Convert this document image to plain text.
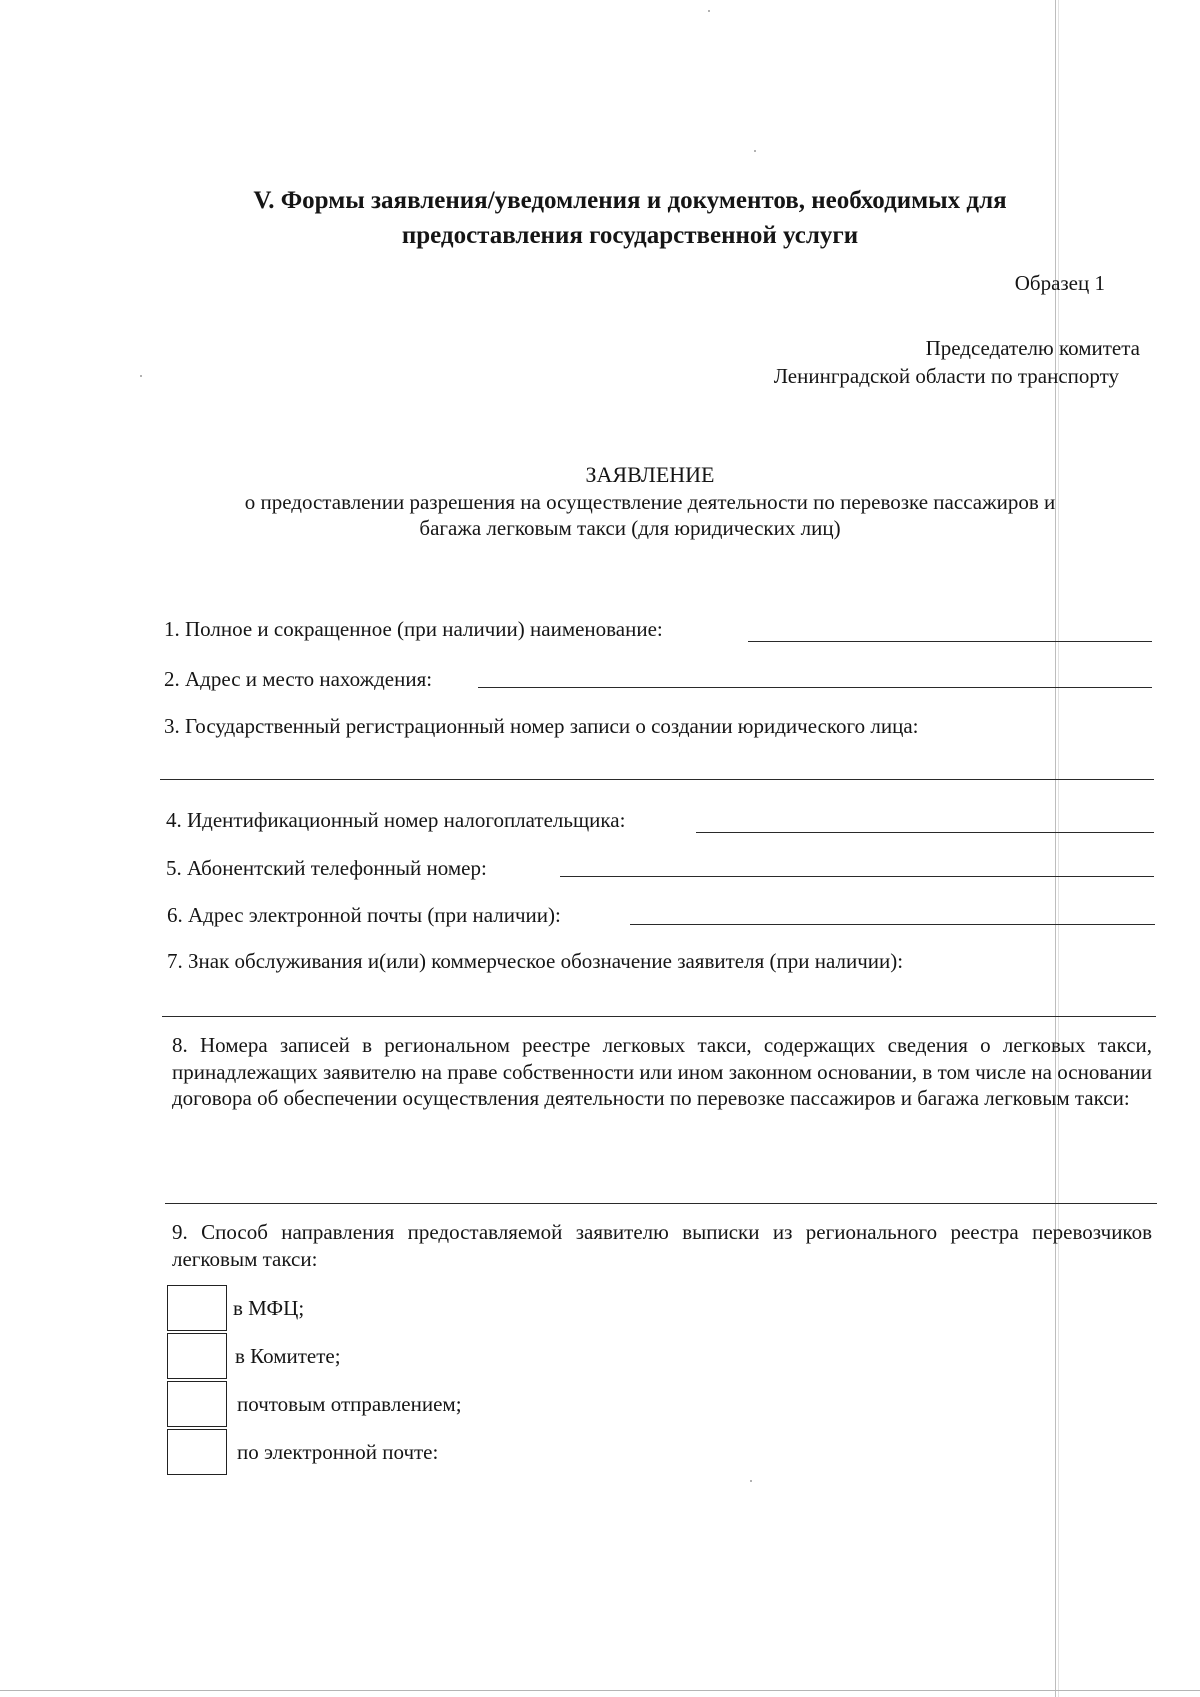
V. Формы заявления/уведомления и документов, необходимых для
предоставления государственной услуги
Образец 1
Председателю комитета
Ленинградской области по транспорту
ЗАЯВЛЕНИЕ
о предоставлении разрешения на осуществление деятельности по перевозке пассажиров и
багажа легковым такси (для юридических лиц)
1. Полное и сокращенное (при наличии) наименование:
2. Адрес и место нахождения:
3. Государственный регистрационный номер записи о создании юридического лица:
4. Идентификационный номер налогоплательщика:
5. Абонентский телефонный номер:
6. Адрес электронной почты (при наличии):
7. Знак обслуживания и(или) коммерческое обозначение заявителя (при наличии):
8. Номера записей в региональном реестре легковых такси, содержащих сведения о легковых такси, принадлежащих заявителю на праве собственности или ином законном основании, в том числе на основании договора об обеспечении осуществления деятельности по перевозке пассажиров и багажа легковым такси:
9. Способ направления предоставляемой заявителю выписки из регионального реестра перевозчиков легковым такси:
в МФЦ;
в Комитете;
почтовым отправлением;
по электронной почте:
